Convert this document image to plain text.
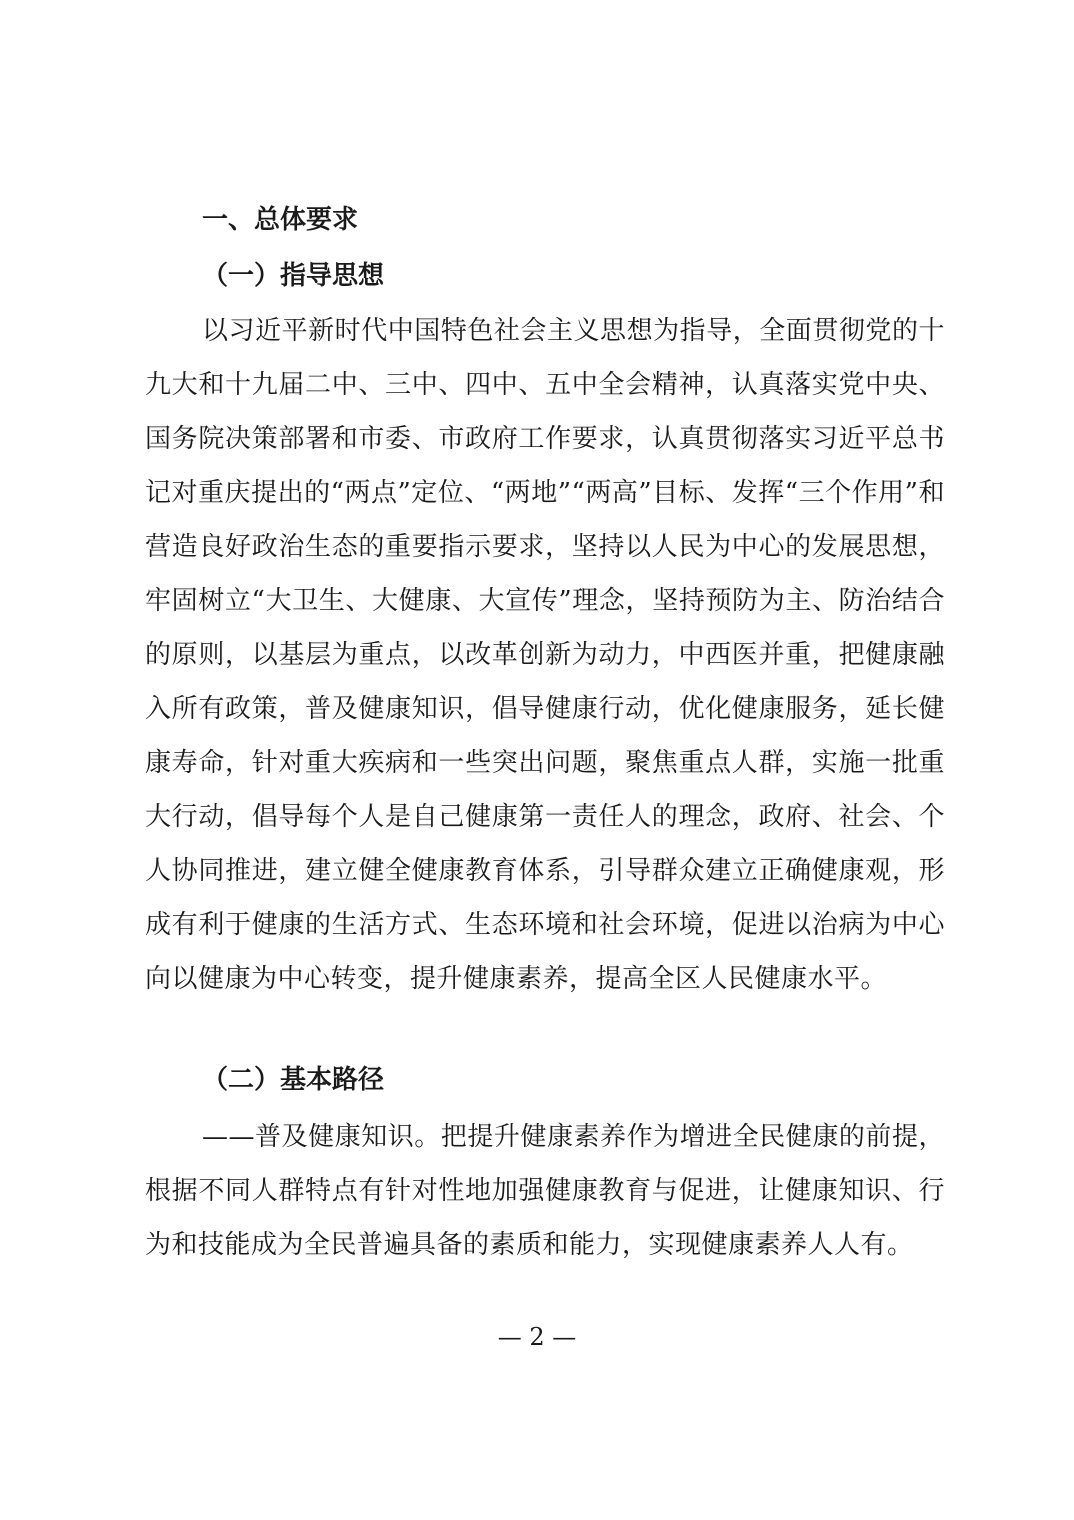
一、总体要求
（一）指导思想

以习近平新时代中国特色社会主义思想为指导，全面贯彻党的十九大和十九届二中、三中、四中、五中全会精神，认真落实党中央、国务院决策部署和市委、市政府工作要求，认真贯彻落实习近平总书记对重庆提出的“两点”定位、“两地”“两高”目标、发挥“三个作用”和营造良好政治生态的重要指示要求，坚持以人民为中心的发展思想，牢固树立“大卫生、大健康、大宣传”理念，坚持预防为主、防治结合的原则，以基层为重点，以改革创新为动力，中西医并重，把健康融入所有政策，普及健康知识，倡导健康行动，优化健康服务，延长健康寿命，针对重大疾病和一些突出问题，聚焦重点人群，实施一批重大行动，倡导每个人是自己健康第一责任人的理念，政府、社会、个人协同推进，建立健全健康教育体系，引导群众建立正确健康观，形成有利于健康的生活方式、生态环境和社会环境，促进以治病为中心向以健康为中心转变，提升健康素养，提高全区人民健康水平。

（二）基本路径

——普及健康知识。把提升健康素养作为增进全民健康的前提，根据不同人群特点有针对性地加强健康教育与促进，让健康知识、行为和技能成为全民普遍具备的素质和能力，实现健康素养人人有。

— 2 —
